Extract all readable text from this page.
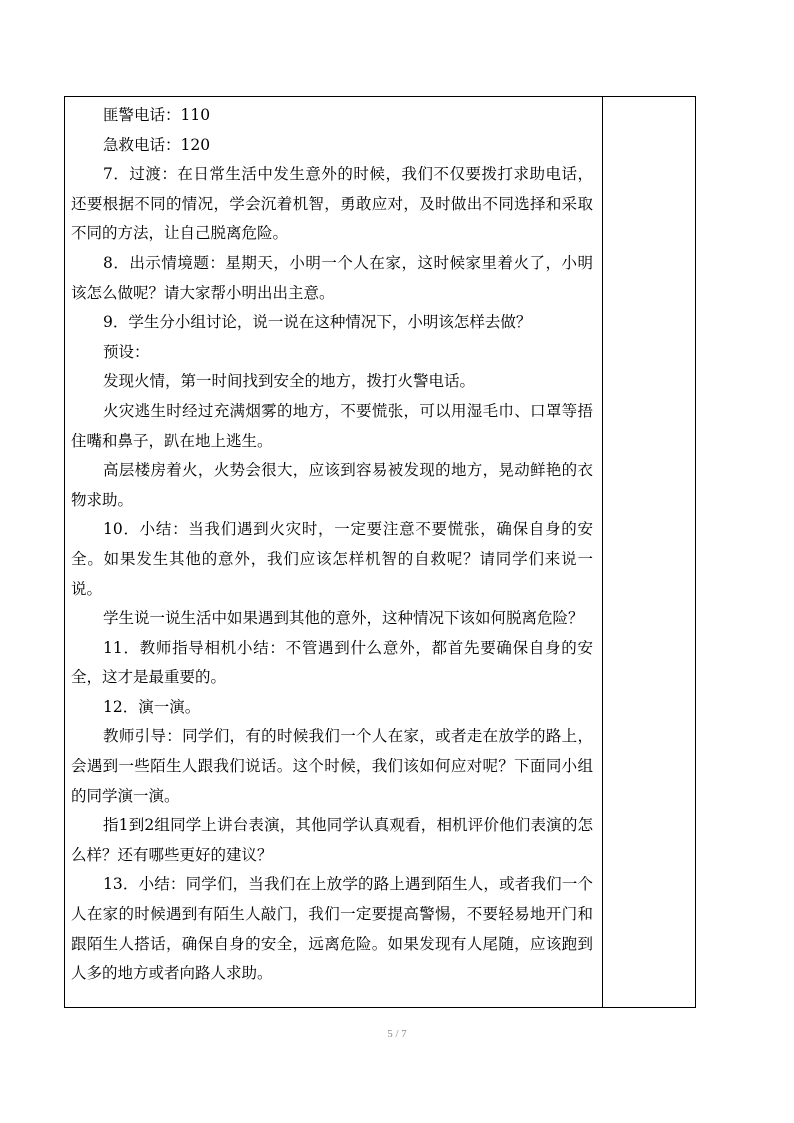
匪警电话：110

急救电话：120

7．过渡：在日常生活中发生意外的时候，我们不仅要拨打求助电话，还要根据不同的情况，学会沉着机智，勇敢应对，及时做出不同选择和采取不同的方法，让自己脱离危险。

8．出示情境题：星期天，小明一个人在家，这时候家里着火了，小明该怎么做呢？请大家帮小明出出主意。

9．学生分小组讨论，说一说在这种情况下，小明该怎样去做？

预设：

发现火情，第一时间找到安全的地方，拨打火警电话。

火灾逃生时经过充满烟雾的地方，不要慌张，可以用湿毛巾、口罩等捂住嘴和鼻子，趴在地上逃生。

高层楼房着火，火势会很大，应该到容易被发现的地方，晃动鲜艳的衣物求助。

10．小结：当我们遇到火灾时，一定要注意不要慌张，确保自身的安全。如果发生其他的意外，我们应该怎样机智的自救呢？请同学们来说一说。

学生说一说生活中如果遇到其他的意外，这种情况下该如何脱离危险？

11．教师指导相机小结：不管遇到什么意外，都首先要确保自身的安全，这才是最重要的。

12．演一演。

教师引导：同学们，有的时候我们一个人在家，或者走在放学的路上，会遇到一些陌生人跟我们说话。这个时候，我们该如何应对呢？下面同小组的同学演一演。

指1到2组同学上讲台表演，其他同学认真观看，相机评价他们表演的怎么样？还有哪些更好的建议？

13．小结：同学们，当我们在上放学的路上遇到陌生人，或者我们一个人在家的时候遇到有陌生人敲门，我们一定要提高警惕，不要轻易地开门和跟陌生人搭话，确保自身的安全，远离危险。如果发现有人尾随，应该跑到人多的地方或者向路人求助。

5 / 7
